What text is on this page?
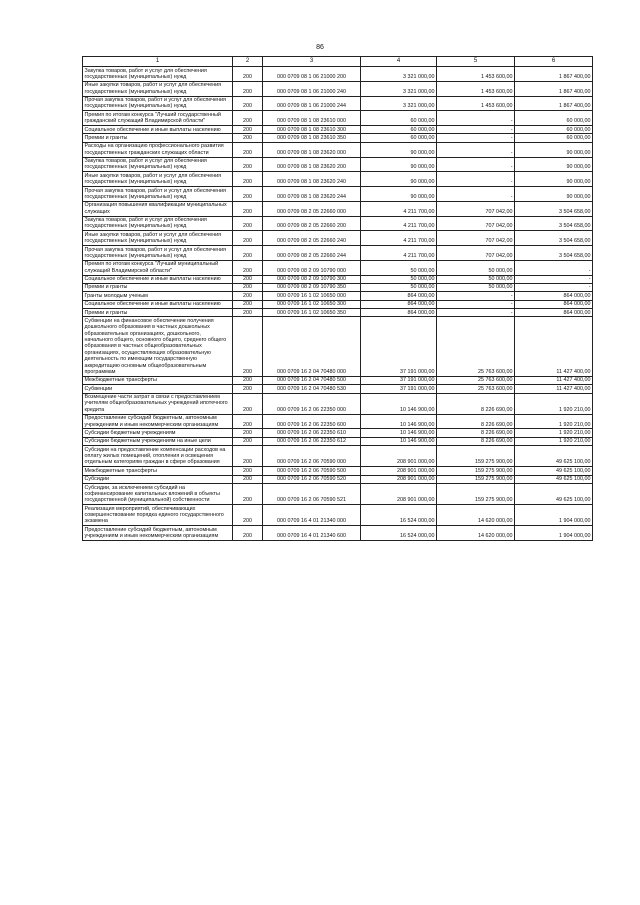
86
1	2	3	4	5	6
Закупка товаров, работ и услуг для обеспечения государственных (муниципальных) нужд	200	000 0709 08 1 06 21000 200	3 321 000,00	1 453 600,00	1 867 400,00
Иные закупки товаров, работ и услуг для обеспечения государственных (муниципальных) нужд	200	000 0709 08 1 06 21000 240	3 321 000,00	1 453 600,00	1 867 400,00
Прочая закупка товаров, работ и услуг для обеспечения государственных (муниципальных) нужд	200	000 0709 08 1 06 21000 244	3 321 000,00	1 453 600,00	1 867 400,00
Премия по итогам конкурса "Лучший государственный гражданский служащий Владимирской области"	200	000 0709 08 1 08 23610 000	60 000,00	-	60 000,00
Социальное обеспечение и иные выплаты населению	200	000 0709 08 1 08 23610 300	60 000,00	-	60 000,00
Премии и гранты	200	000 0709 08 1 08 23610 350	60 000,00	-	60 000,00
Расходы на организацию профессионального развития государственных гражданских служащих области	200	000 0709 08 1 08 23620 000	90 000,00	-	90 000,00
Закупка товаров, работ и услуг для обеспечения государственных (муниципальных) нужд	200	000 0709 08 1 08 23620 200	90 000,00	-	90 000,00
Иные закупки товаров, работ и услуг для обеспечения государственных (муниципальных) нужд	200	000 0709 08 1 08 23620 240	90 000,00	-	90 000,00
Прочая закупка товаров, работ и услуг для обеспечения государственных (муниципальных) нужд	200	000 0709 08 1 08 23620 244	90 000,00	-	90 000,00
Организация повышения квалификации муниципальных служащих	200	000 0709 08 2 05 22660 000	4 211 700,00	707 042,00	3 504 658,00
Закупка товаров, работ и услуг для обеспечения государственных (муниципальных) нужд	200	000 0709 08 2 05 22660 200	4 211 700,00	707 042,00	3 504 658,00
Иные закупки товаров, работ и услуг для обеспечения государственных (муниципальных) нужд	200	000 0709 08 2 05 22660 240	4 211 700,00	707 042,00	3 504 658,00
Прочая закупка товаров, работ и услуг для обеспечения государственных (муниципальных) нужд	200	000 0709 08 2 05 22660 244	4 211 700,00	707 042,00	3 504 658,00
Премия по итогам конкурса "Лучший муниципальный служащий Владимирской области"	200	000 0709 08 2 09 10790 000	50 000,00	50 000,00	-
Социальное обеспечение и иные выплаты населению	200	000 0709 08 2 09 10790 300	50 000,00	50 000,00	-
Премии и гранты	200	000 0709 08 2 09 10790 350	50 000,00	50 000,00	-
Гранты молодым ученым	200	000 0709 16 1 02 10650 000	864 000,00	-	864 000,00
Социальное обеспечение и иные выплаты населению	200	000 0709 16 1 02 10650 300	864 000,00	-	864 000,00
Премии и гранты	200	000 0709 16 1 02 10650 350	864 000,00	-	864 000,00
Субвенции на финансовое обеспечение получения дошкольного образования в частных дошкольных образовательных организациях, дошкольного, начального общего, основного общего, среднего общего образования в частных общеобразовательных организациях, осуществляющих образовательную деятельность по имеющим государственную аккредитацию основным общеобразовательным программам	200	000 0709 16 2 04 70480 000	37 191 000,00	25 763 600,00	11 427 400,00
Межбюджетные трансферты	200	000 0709 16 2 04 70480 500	37 191 000,00	25 763 600,00	11 427 400,00
Субвенции	200	000 0709 16 2 04 70480 530	37 191 000,00	25 763 600,00	11 427 400,00
Возмещение части затрат в связи с предоставлением учителям общеобразовательных учреждений ипотечного кредита	200	000 0709 16 2 06 22350 000	10 146 900,00	8 226 690,00	1 920 210,00
Предоставление субсидий бюджетным, автономным учреждениям и иным некоммерческим организациям	200	000 0709 16 2 06 22350 600	10 146 900,00	8 226 690,00	1 920 210,00
Субсидии бюджетным учреждениям	200	000 0709 16 2 06 22350 610	10 146 900,00	8 226 690,00	1 920 210,00
Субсидии бюджетным учреждениям на иные цели	200	000 0709 16 2 06 22350 612	10 146 900,00	8 226 690,00	1 920 210,00
Субсидии на предоставление компенсации расходов на оплату жилых помещений, отопления и освещения отдельным категориям граждан в сфере образования	200	000 0709 16 2 06 70590 000	208 901 000,00	159 275 900,00	49 625 100,00
Межбюджетные трансферты	200	000 0709 16 2 06 70590 500	208 901 000,00	159 275 900,00	49 625 100,00
Субсидии	200	000 0709 16 2 06 70590 520	208 901 000,00	159 275 900,00	49 625 100,00
Субсидии, за исключением субсидий на софинансирование капитальных вложений в объекты государственной (муниципальной) собственности	200	000 0709 16 2 06 70590 521	208 901 000,00	159 275 900,00	49 625 100,00
Реализация мероприятий, обеспечивающих совершенствование порядка единого государственного экзамена	200	000 0709 16 4 01 21340 000	16 524 000,00	14 620 000,00	1 904 000,00
Предоставление субсидий бюджетным, автономным учреждениям и иным некоммерческим организациям	200	000 0709 16 4 01 21340 600	16 524 000,00	14 620 000,00	1 904 000,00
